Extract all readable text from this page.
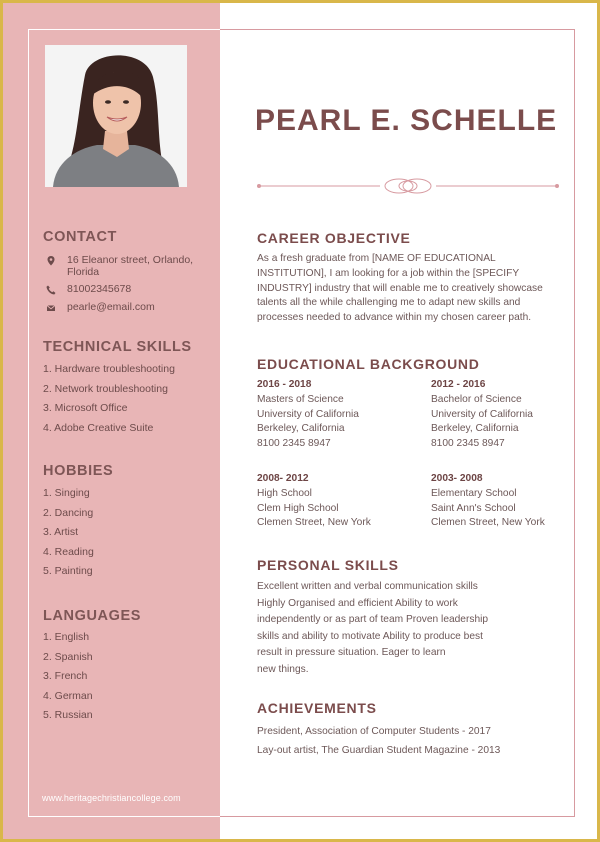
CONTACT
16 Eleanor street, Orlando,
Florida
81002345678
pearle@email.com
TECHNICAL SKILLS
1. Hardware troubleshooting
2. Network troubleshooting
3. Microsoft Office
4. Adobe Creative Suite
HOBBIES
1. Singing
2. Dancing
3. Artist
4. Reading
5. Painting
LANGUAGES
1. English
2. Spanish
3. French
4. German
5. Russian
www.heritagechristiancollege.com
PEARL E. SCHELLE
CAREER OBJECTIVE
As a fresh graduate from [NAME OF EDUCATIONAL
INSTITUTION], I am looking for a job within the [SPECIFY
INDUSTRY] industry that will enable me to creatively showcase
talents all the while challenging me to adapt new skills and
processes needed to advance within my chosen career path.
EDUCATIONAL BACKGROUND
2016 - 2018
Masters of Science
University of California
Berkeley, California
8100 2345 8947
2012 - 2016
Bachelor of Science
University of California
Berkeley, California
8100 2345 8947
2008- 2012
High School
Clem High School
Clemen Street, New York
2003- 2008
Elementary School
Saint Ann's School
Clemen Street, New York
PERSONAL SKILLS
Excellent written and verbal communication skills
Highly Organised and efficient Ability to work
independently or as part of team Proven leadership
skills and ability to motivate Ability to produce best
result in pressure situation. Eager to learn
new things.
ACHIEVEMENTS
President, Association of Computer Students - 2017
Lay-out artist, The Guardian Student Magazine - 2013
